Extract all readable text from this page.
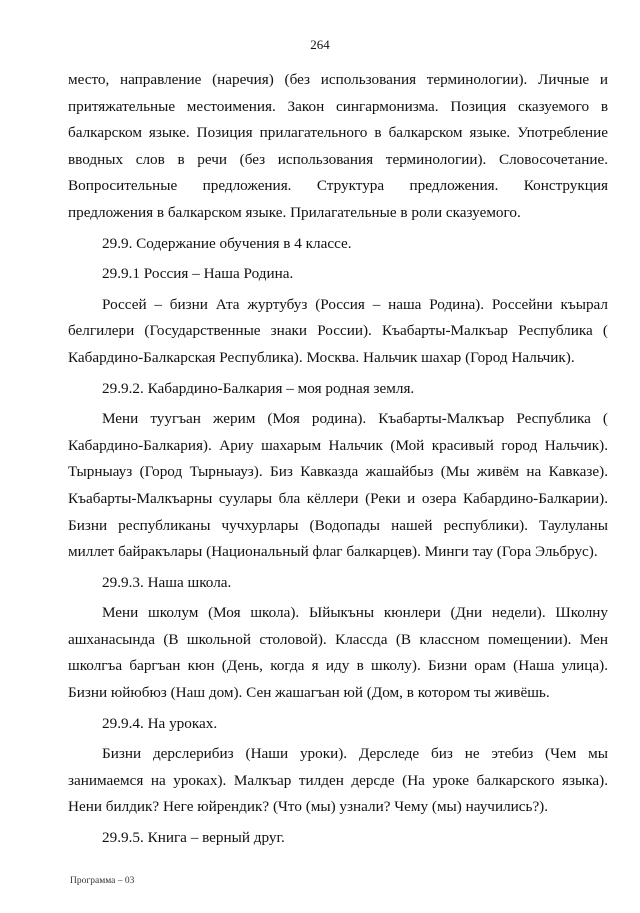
264

место, направление (наречия) (без использования терминологии). Личные и притяжательные местоимения. Закон сингармонизма. Позиция сказуемого в балкарском языке. Позиция прилагательного в балкарском языке. Употребление вводных слов в речи (без использования терминологии). Словосочетание. Вопросительные предложения. Структура предложения. Конструкция предложения в балкарском языке. Прилагательные в роли сказуемого.

29.9. Содержание обучения в 4 классе.

29.9.1 Россия – Наша Родина.

Россей – бизни Ата журтубуз (Россия – наша Родина). Россейни къырал белгилери (Государственные знаки России). Къабарты-Малкъар Республика ( Кабардино-Балкарская Республика). Москва. Нальчик шахар (Город Нальчик).

29.9.2. Кабардино-Балкария – моя родная земля.

Мени туугъан жерим (Моя родина). Къабарты-Малкъар Республика ( Кабардино-Балкария). Ариу шахарым Нальчик (Мой красивый город Нальчик). Тырныауз (Город Тырныауз). Биз Кавказда жашайбыз (Мы живём на Кавказе). Къабарты-Малкъарны суулары бла кёллери (Реки и озера Кабардино-Балкарии). Бизни республиканы чучхурлары (Водопады нашей республики). Таулуланы миллет байракълары (Национальный флаг балкарцев). Минги тау (Гора Эльбрус).

29.9.3. Наша школа.

Мени школум (Моя школа). Ыйыкъны кюнлери (Дни недели). Школну ашханасында (В школьной столовой). Классда (В классном помещении). Мен школгъа баргъан кюн (День, когда я иду в школу). Бизни орам (Наша улица). Бизни юйюбюз (Наш дом). Сен жашагъан юй (Дом, в котором ты живёшь.

29.9.4. На уроках.

Бизни дерслерибиз (Наши уроки). Дерследе биз не этебиз (Чем мы занимаемся на уроках). Малкъар тилден дерсде (На уроке балкарского языка). Нени билдик? Неге юйрендик? (Что (мы) узнали? Чему (мы) научились?).

29.9.5. Книга – верный друг.

Программа – 03
